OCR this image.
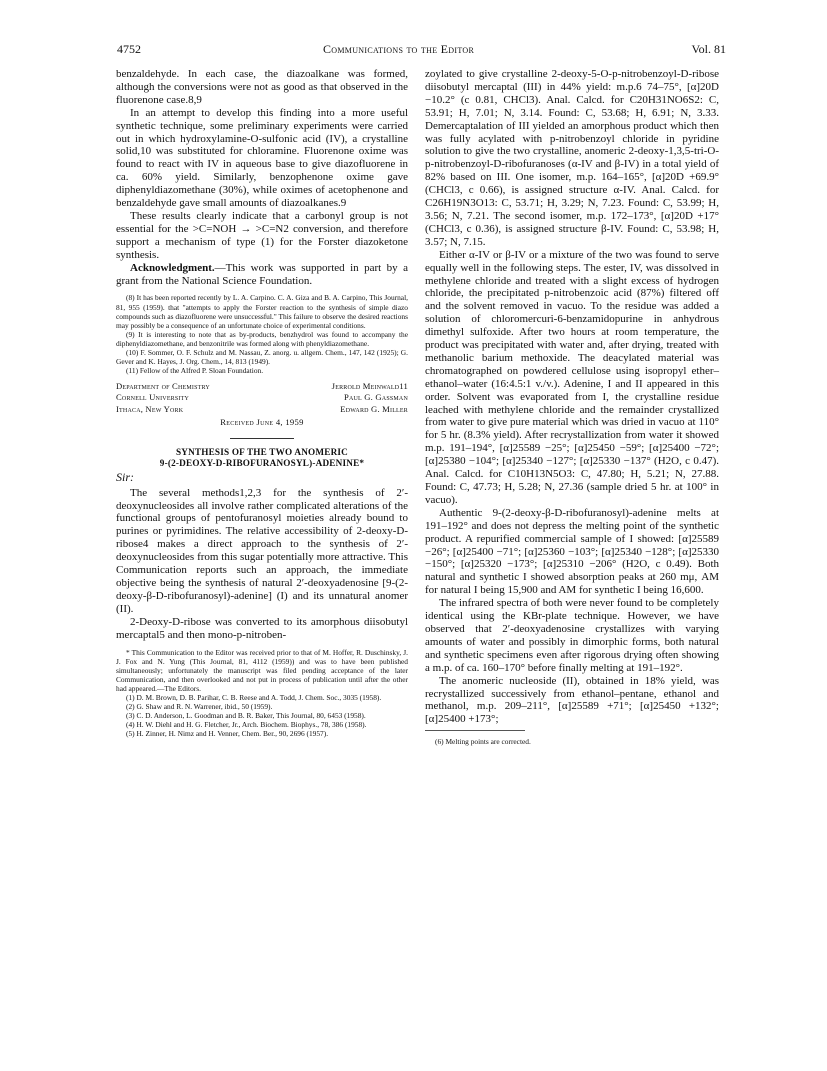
4752	Communications to the Editor	Vol. 81

benzaldehyde. In each case, the diazoalkane was formed, although the conversions were not as good as that observed in the fluorenone case.8,9

In an attempt to develop this finding into a more useful synthetic technique, some preliminary experiments were carried out in which hydroxylamine-O-sulfonic acid (IV), a crystalline solid,10 was substituted for chloramine. Fluorenone oxime was found to react with IV in aqueous base to give diazofluorene in ca. 60% yield. Similarly, benzophenone oxime gave diphenyldiazomethane (30%), while oximes of acetophenone and benzaldehyde gave small amounts of diazoalkanes.9

These results clearly indicate that a carbonyl group is not essential for the >C=NOH → >C=N2 conversion, and therefore support a mechanism of type (1) for the Forster diazoketone synthesis.

Acknowledgment.—This work was supported in part by a grant from the National Science Foundation.

(8) It has been reported recently by L. A. Carpino. C. A. Giza and B. A. Carpino, This Journal, 81, 955 (1959). that "attempts to apply the Forster reaction to the synthesis of simple diazo compounds such as diazofluorene were unsuccessful." This failure to observe the desired reactions may possibly be a consequence of an unfortunate choice of experimental conditions.

(9) It is interesting to note that as by-products, benzhydrol was found to accompany the diphenyldiazomethane, and benzonitrile was formed along with phenyldiazomethane.

(10) F. Sommer, O. F. Schulz and M. Nassau, Z. anorg. u. allgem. Chem., 147, 142 (1925); G. Gever and K. Hayes, J. Org. Chem., 14, 813 (1949).

(11) Fellow of the Alfred P. Sloan Foundation.

Department of Chemistry	Jerrold Meinwald11
Cornell University	Paul G. Gassman
Ithaca, New York	Edward G. Miller
Received June 4, 1959
SYNTHESIS OF THE TWO ANOMERIC
9-(2-DEOXY-D-RIBOFURANOSYL)-ADENINE*
Sir:

The several methods1,2,3 for the synthesis of 2′-deoxynucleosides all involve rather complicated alterations of the functional groups of pentofuranosyl moieties already bound to purines or pyrimidines. The relative accessibility of 2-deoxy-D-ribose4 makes a direct approach to the synthesis of 2′-deoxynucleosides from this sugar potentially more attractive. This Communication reports such an approach, the immediate objective being the synthesis of natural 2′-deoxyadenosine [9-(2-deoxy-β-D-ribofuranosyl)-adenine] (I) and its unnatural anomer (II).

2-Deoxy-D-ribose was converted to its amorphous diisobutyl mercaptal5 and then mono-p-nitroben-

* This Communication to the Editor was received prior to that of M. Hoffer, R. Duschinsky, J. J. Fox and N. Yung (This Journal, 81, 4112 (1959)) and was to have been published simultaneously; unfortunately the manuscript was filed pending acceptance of the later Communication, and then overlooked and not put in process of publication until after the other had appeared.—The Editors.

(1) D. M. Brown, D. B. Parihar, C. B. Reese and A. Todd, J. Chem. Soc., 3035 (1958).

(2) G. Shaw and R. N. Warrener, ibid., 50 (1959).

(3) C. D. Anderson, L. Goodman and B. R. Baker, This Journal, 80, 6453 (1958).

(4) H. W. Diehl and H. G. Fletcher, Jr., Arch. Biochem. Biophys., 78, 386 (1958).

(5) H. Zinner, H. Nimz and H. Venner, Chem. Ber., 90, 2696 (1957).

zoylated to give crystalline 2-deoxy-5-O-p-nitrobenzoyl-D-ribose diisobutyl mercaptal (III) in 44% yield: m.p.6 74–75°, [α]20D −10.2° (c 0.81, CHCl3). Anal. Calcd. for C20H31NO6S2: C, 53.91; H, 7.01; N, 3.14. Found: C, 53.68; H, 6.91; N, 3.33. Demercaptalation of III yielded an amorphous product which then was fully acylated with p-nitrobenzoyl chloride in pyridine solution to give the two crystalline, anomeric 2-deoxy-1,3,5-tri-O-p-nitrobenzoyl-D-ribofuranoses (α-IV and β-IV) in a total yield of 82% based on III. One isomer, m.p. 164–165°, [α]20D +69.9° (CHCl3, c 0.66), is assigned structure α-IV. Anal. Calcd. for C26H19N3O13: C, 53.71; H, 3.29; N, 7.23. Found: C, 53.99; H, 3.56; N, 7.21. The second isomer, m.p. 172–173°, [α]20D +17° (CHCl3, c 0.36), is assigned structure β-IV. Found: C, 53.98; H, 3.57; N, 7.15.

Either α-IV or β-IV or a mixture of the two was found to serve equally well in the following steps. The ester, IV, was dissolved in methylene chloride and treated with a slight excess of hydrogen chloride, the precipitated p-nitrobenzoic acid (87%) filtered off and the solvent removed in vacuo. To the residue was added a solution of chloromercuri-6-benzamidopurine in anhydrous dimethyl sulfoxide. After two hours at room temperature, the product was precipitated with water and, after drying, treated with methanolic barium methoxide. The deacylated material was chromatographed on powdered cellulose using isopropyl ether–ethanol–water (16:4.5:1 v./v.). Adenine, I and II appeared in this order. Solvent was evaporated from I, the crystalline residue leached with methylene chloride and the remainder crystallized from water to give pure material which was dried in vacuo at 110° for 5 hr. (8.3% yield). After recrystallization from water it showed m.p. 191–194°, [α]25589 −25°; [α]25450 −59°; [α]25400 −72°; [α]25380 −104°; [α]25340 −127°; [α]25330 −137° (H2O, c 0.47). Anal. Calcd. for C10H13N5O3: C, 47.80; H, 5.21; N, 27.88. Found: C, 47.73; H, 5.28; N, 27.36 (sample dried 5 hr. at 100° in vacuo).

Authentic 9-(2-deoxy-β-D-ribofuranosyl)-adenine melts at 191–192° and does not depress the melting point of the synthetic product. A repurified commercial sample of I showed: [α]25589 −26°; [α]25400 −71°; [α]25360 −103°; [α]25340 −128°; [α]25330 −150°; [α]25320 −173°; [α]25310 −206° (H2O, c 0.49). Both natural and synthetic I showed absorption peaks at 260 mμ, AM for natural I being 15,900 and AM for synthetic I being 16,600.

The infrared spectra of both were never found to be completely identical using the KBr-plate technique. However, we have observed that 2′-deoxyadenosine crystallizes with varying amounts of water and possibly in dimorphic forms, both natural and synthetic specimens even after rigorous drying often showing a m.p. of ca. 160–170° before finally melting at 191–192°.

The anomeric nucleoside (II), obtained in 18% yield, was recrystallized successively from ethanol–pentane, ethanol and methanol, m.p. 209–211°, [α]25589 +71°; [α]25450 +132°; [α]25400 +173°;

(6) Melting points are corrected.
